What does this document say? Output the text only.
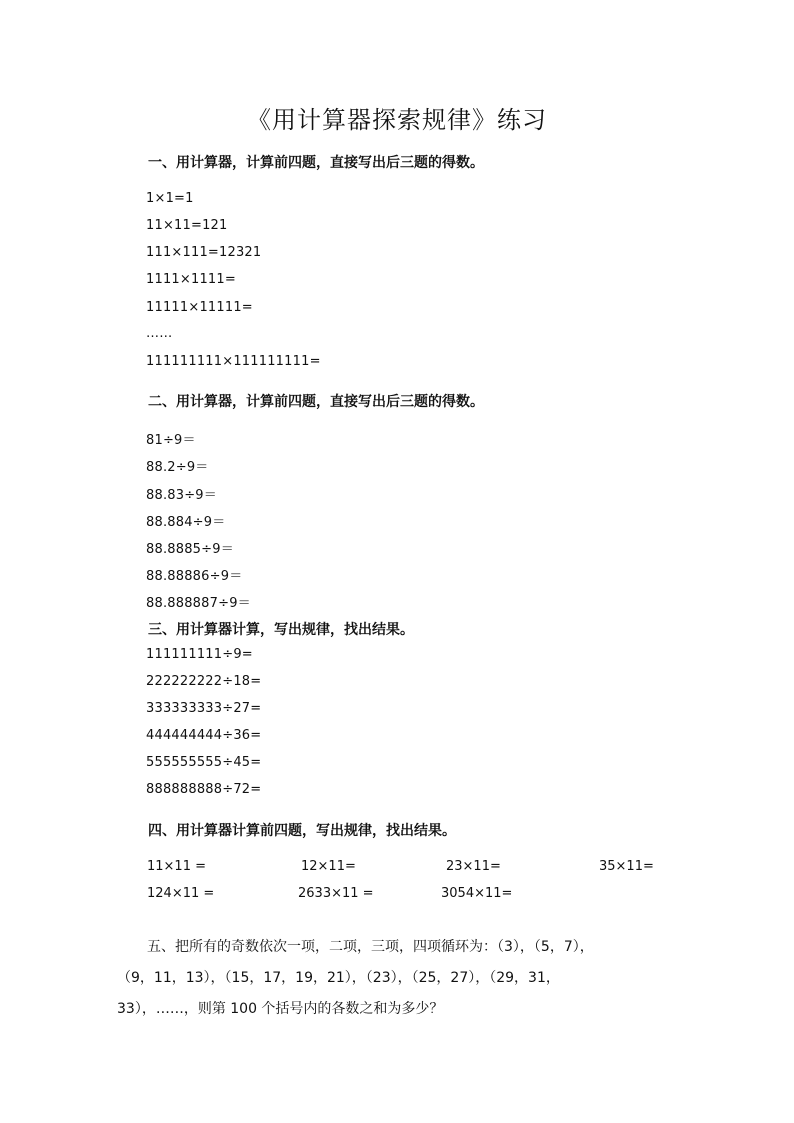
《用计算器探索规律》练习
一、用计算器，计算前四题，直接写出后三题的得数。
1×1=1
11×11=121
111×111=12321
1111×1111=
11111×11111=
……
111111111×111111111=
二、用计算器，计算前四题，直接写出后三题的得数。
81÷9＝
88.2÷9＝
88.83÷9＝
88.884÷9＝
88.8885÷9＝
88.88886÷9＝
88.888887÷9＝
三、用计算器计算，写出规律，找出结果。
111111111÷9=
222222222÷18=
333333333÷27=
444444444÷36=
555555555÷45=
888888888÷72=
四、用计算器计算前四题，写出规律，找出结果。
11×11 =	12×11=	23×11=	35×11=
124×11 =	2633×11 =	3054×11=

五、把所有的奇数依次一项，二项，三项，四项循环为：（3），（5，7），

（9，11，13），（15，17，19，21），（23），（25，27），（29，31，

33），……，则第 100 个括号内的各数之和为多少？
